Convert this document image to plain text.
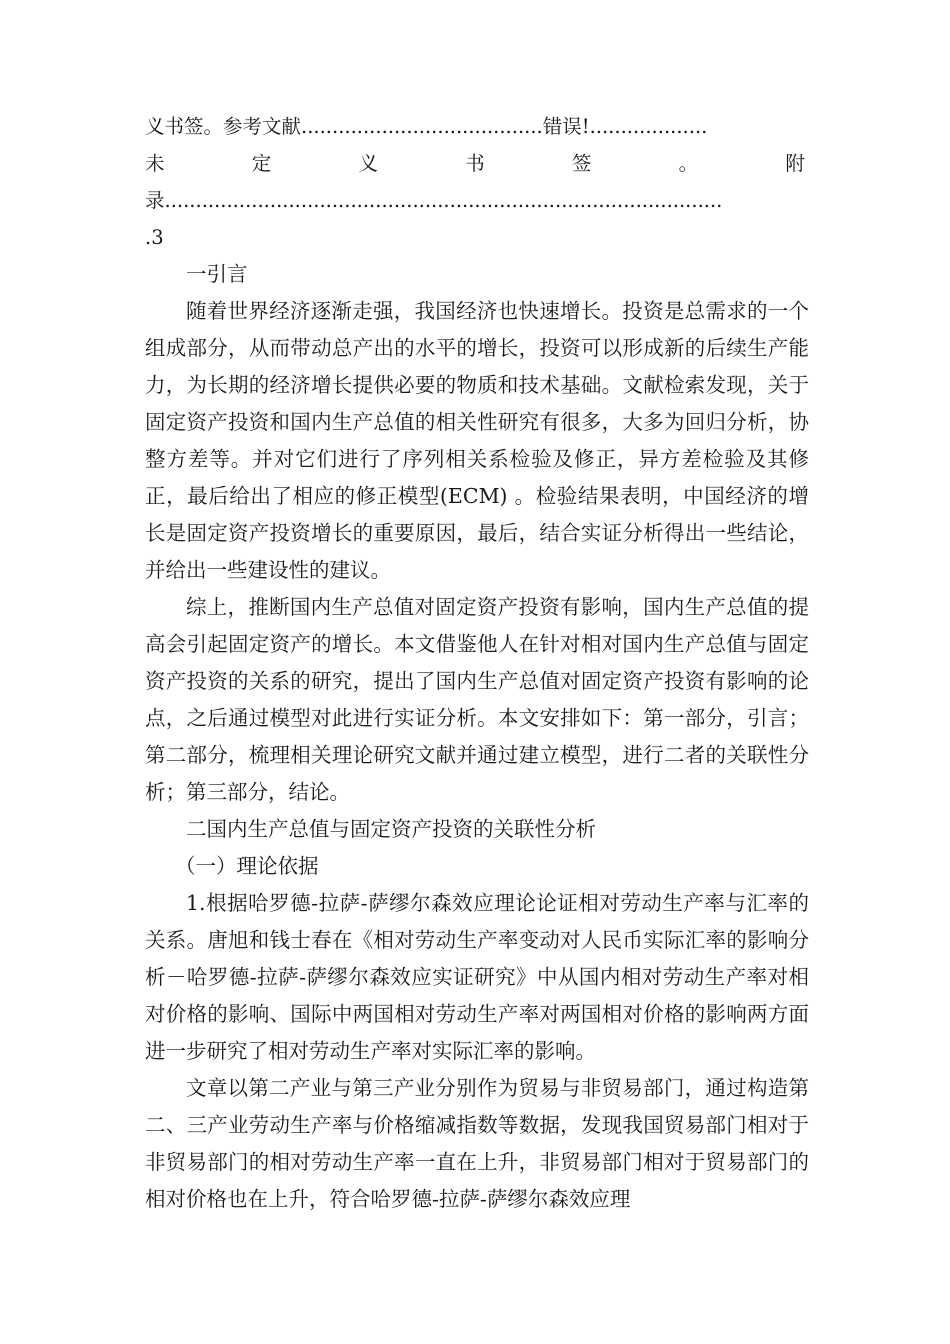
义书签。参考文献.......................................错误!...................
未	定	义	书	签	。	附
录..........................................................................................
.3

一引言

随着世界经济逐渐走强，我国经济也快速增长。投资是总需求的一个组成部分，从而带动总产出的水平的增长，投资可以形成新的后续生产能力，为长期的经济增长提供必要的物质和技术基础。文献检索发现，关于固定资产投资和国内生产总值的相关性研究有很多，大多为回归分析，协整方差等。并对它们进行了序列相关系检验及修正，异方差检验及其修正，最后给出了相应的修正模型(ECM) 。检验结果表明，中国经济的增长是固定资产投资增长的重要原因，最后，结合实证分析得出一些结论，并给出一些建设性的建议。

综上，推断国内生产总值对固定资产投资有影响，国内生产总值的提高会引起固定资产的增长。本文借鉴他人在针对相对国内生产总值与固定资产投资的关系的研究，提出了国内生产总值对固定资产投资有影响的论点，之后通过模型对此进行实证分析。本文安排如下：第一部分，引言；第二部分，梳理相关理论研究文献并通过建立模型，进行二者的关联性分析；第三部分，结论。

二国内生产总值与固定资产投资的关联性分析

（一）理论依据

1.根据哈罗德-拉萨-萨缪尔森效应理论论证相对劳动生产率与汇率的关系。唐旭和钱士春在《相对劳动生产率变动对人民币实际汇率的影响分析－哈罗德-拉萨-萨缪尔森效应实证研究》中从国内相对劳动生产率对相对价格的影响、国际中两国相对劳动生产率对两国相对价格的影响两方面进一步研究了相对劳动生产率对实际汇率的影响。

文章以第二产业与第三产业分别作为贸易与非贸易部门，通过构造第二、三产业劳动生产率与价格缩减指数等数据，发现我国贸易部门相对于非贸易部门的相对劳动生产率一直在上升，非贸易部门相对于贸易部门的相对价格也在上升，符合哈罗德-拉萨-萨缪尔森效应理
